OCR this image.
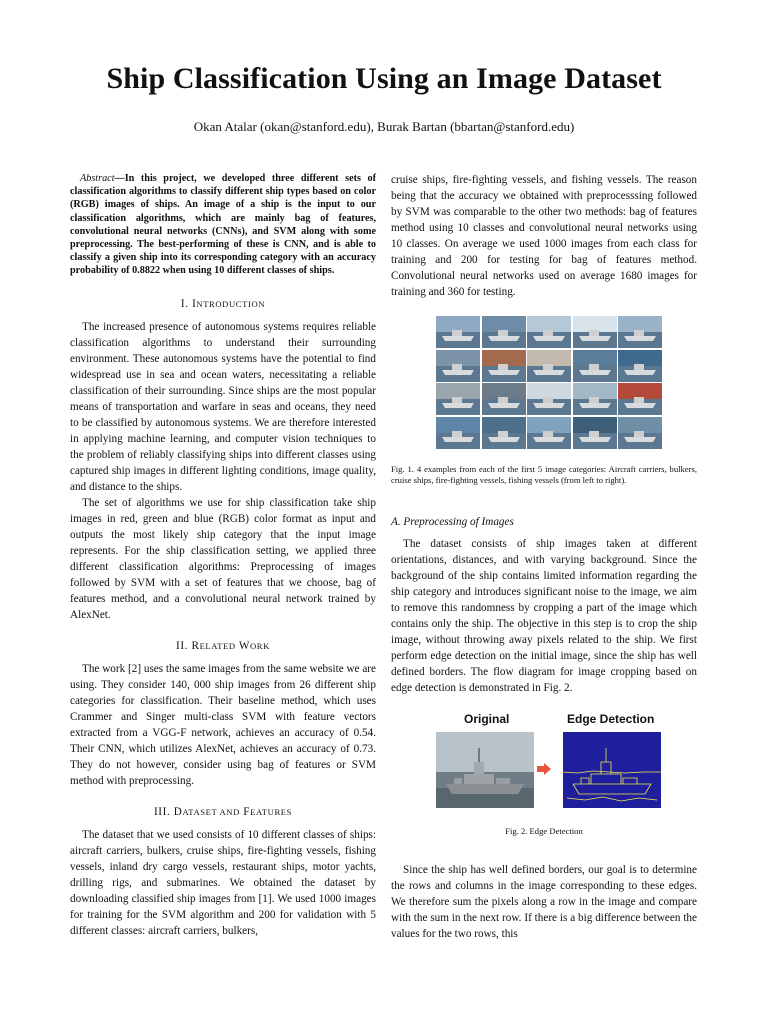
Ship Classification Using an Image Dataset

Okan Atalar (okan@stanford.edu), Burak Bartan (bbartan@stanford.edu)

Abstract—In this project, we developed three different sets of classification algorithms to classify different ship types based on color (RGB) images of ships. An image of a ship is the input to our classification algorithms, which are mainly bag of features, convolutional neural networks (CNNs), and SVM along with some preprocessing. The best-performing of these is CNN, and is able to classify a given ship into its corresponding category with an accuracy probability of 0.8822 when using 10 different classes of ships.

I. INTRODUCTION

The increased presence of autonomous systems requires reliable classification algorithms to understand their surrounding environment. These autonomous systems have the potential to find widespread use in sea and ocean waters, necessitating a reliable classification of their surrounding. Since ships are the most popular means of transportation and warfare in seas and oceans, they need to be classified by autonomous systems. We are therefore interested in applying machine learning, and computer vision techniques to the problem of reliably classifying ships into different classes using captured ship images in different lighting conditions, image quality, and distance to the ships.

The set of algorithms we use for ship classification take ship images in red, green and blue (RGB) color format as input and outputs the most likely ship category that the input image represents. For the ship classification setting, we applied three different classification algorithms: Preprocessing of images followed by SVM with a set of features that we choose, bag of features method, and a convolutional neural network trained by AlexNet.

II. RELATED WORK

The work [2] uses the same images from the same website we are using. They consider 140, 000 ship images from 26 different ship categories for classification. Their baseline method, which uses Crammer and Singer multi-class SVM with feature vectors extracted from a VGG-F network, achieves an accuracy of 0.54. Their CNN, which utilizes AlexNet, achieves an accuracy of 0.73. They do not however, consider using bag of features or SVM method with preprocessing.

III. DATASET AND FEATURES

The dataset that we used consists of 10 different classes of ships: aircraft carriers, bulkers, cruise ships, fire-fighting vessels, fishing vessels, inland dry cargo vessels, restaurant ships, motor yachts, drilling rigs, and submarines. We obtained the dataset by downloading classified ship images from [1]. We used 1000 images for training for the SVM algorithm and 200 for validation with 5 different classes: aircraft carriers, bulkers,

cruise ships, fire-fighting vessels, and fishing vessels. The reason being that the accuracy we obtained with preprocesssing followed by SVM was comparable to the other two methods: bag of features method using 10 classes and convolutional neural networks using 10 classes. On average we used 1000 images from each class for training and 200 for testing for bag of features method. Convolutional neural networks used on average 1680 images for training and 360 for testing.

Fig. 1. 4 examples from each of the first 5 image categories: Aircraft carriers, bulkers, cruise ships, fire-fighting vessels, fishing vessels (from left to right).

A. Preprocessing of Images

The dataset consists of ship images taken at different orientations, distances, and with varying background. Since the background of the ship contains limited information regarding the ship category and introduces significant noise to the image, we aim to remove this randomness by cropping a part of the image which contains only the ship. The objective in this step is to crop the ship image, without throwing away pixels related to the ship. We first perform edge detection on the initial image, since the ship has well defined borders. The flow diagram for image cropping based on edge detection is demonstrated in Fig. 2.

Original	Edge Detection

Fig. 2. Edge Detection

Since the ship has well defined borders, our goal is to determine the rows and columns in the image corresponding to these edges. We therefore sum the pixels along a row in the image and compare with the sum in the next row. If there is a big difference between the values for the two rows, this
